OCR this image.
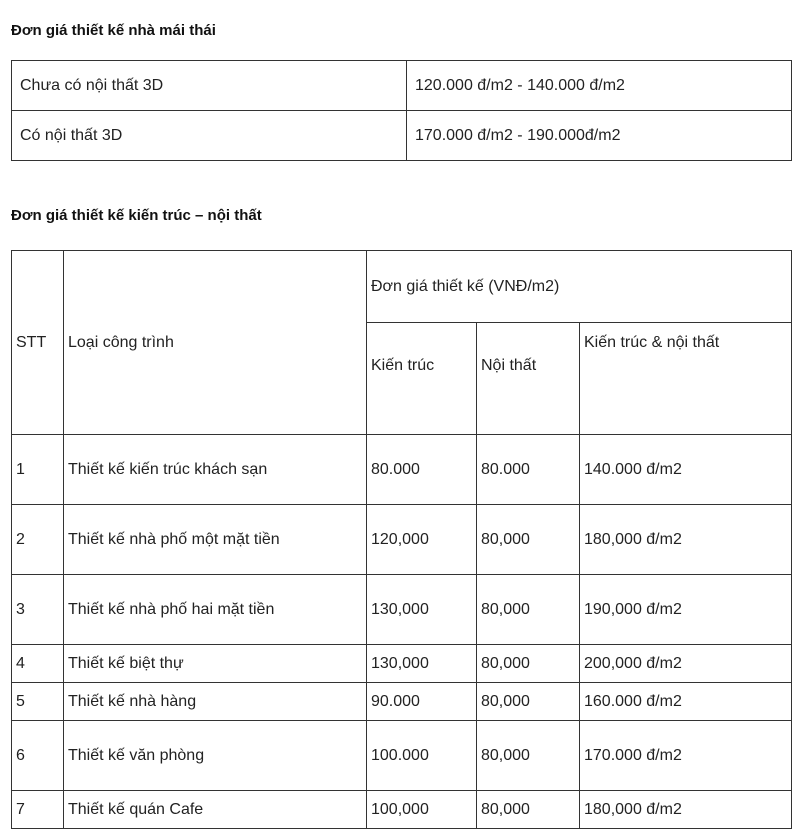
Đơn giá thiết kế nhà mái thái
Chưa có nội thất 3D	120.000 đ/m2 - 140.000 đ/m2
Có nội thất 3D	170.000 đ/m2 - 190.000đ/m2
Đơn giá thiết kế kiến trúc – nội thất
STT	Loại công trình	Đơn giá thiết kế (VNĐ/m2)		
		Kiến trúc	Nội thất	Kiến trúc & nội thất
1	Thiết kế kiến trúc khách sạn	80.000	80.000	140.000 đ/m2
2	Thiết kế nhà phố một mặt tiền	120,000	80,000	180,000 đ/m2
3	Thiết kế nhà phố hai mặt tiền	130,000	80,000	190,000 đ/m2
4	Thiết kế biệt thự	130,000	80,000	200,000 đ/m2
5	Thiết kế nhà hàng	90.000	80,000	160.000 đ/m2
6	Thiết kế văn phòng	100.000	80,000	170.000 đ/m2
7	Thiết kế quán Cafe	100,000	80,000	180,000 đ/m2
